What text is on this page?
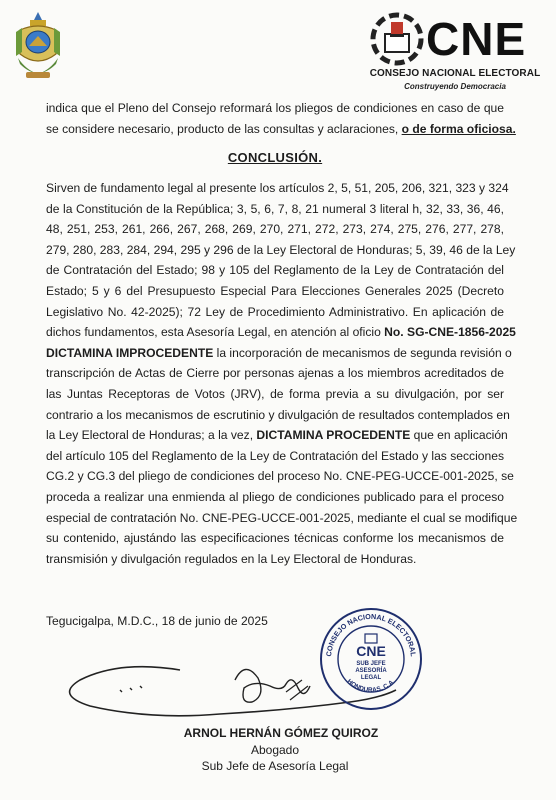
CNE
CONSEJO NACIONAL ELECTORAL
Construyendo Democracia
indica que el Pleno del Consejo reformará los pliegos de condiciones en caso de que
se considere necesario, producto de las consultas y aclaraciones, o de forma oficiosa.
CONCLUSIÓN.
Sirven de fundamento legal al presente los artículos 2, 5, 51, 205, 206, 321, 323 y 324
de la Constitución de la República; 3, 5, 6, 7, 8, 21 numeral 3 literal h, 32, 33, 36, 46,
48, 251, 253, 261, 266, 267, 268, 269, 270, 271, 272, 273, 274, 275, 276, 277, 278,
279, 280, 283, 284, 294, 295 y 296 de la Ley Electoral de Honduras; 5, 39, 46 de la Ley
de Contratación del Estado; 98 y 105 del Reglamento de la Ley de Contratación del
Estado; 5 y 6 del Presupuesto Especial Para Elecciones Generales 2025 (Decreto
Legislativo No. 42-2025); 72 Ley de Procedimiento Administrativo. En aplicación de
dichos fundamentos, esta Asesoría Legal, en atención al oficio No. SG-CNE-1856-2025
DICTAMINA IMPROCEDENTE la incorporación de mecanismos de segunda revisión o
transcripción de Actas de Cierre por personas ajenas a los miembros acreditados de
las Juntas Receptoras de Votos (JRV), de forma previa a su divulgación, por ser
contrario a los mecanismos de escrutinio y divulgación de resultados contemplados en
la Ley Electoral de Honduras; a la vez, DICTAMINA PROCEDENTE que en aplicación
del artículo 105 del Reglamento de la Ley de Contratación del Estado y las secciones
CG.2 y CG.3 del pliego de condiciones del proceso No. CNE-PEG-UCCE-001-2025, se
proceda a realizar una enmienda al pliego de condiciones publicado para el proceso
especial de contratación No. CNE-PEG-UCCE-001-2025, mediante el cual se modifique
su contenido, ajustándo las especificaciones técnicas conforme los mecanismos de
transmisión y divulgación regulados en la Ley Electoral de Honduras.
Tegucigalpa, M.D.C., 18 de junio de 2025
CONSEJO NACIONAL ELECTORAL
HONDURAS, C.A.
CNE
SUB JEFE
ASESORÍA
LEGAL
ARNOL HERNÁN GÓMEZ QUIROZ
Abogado
Sub Jefe de Asesoría Legal
